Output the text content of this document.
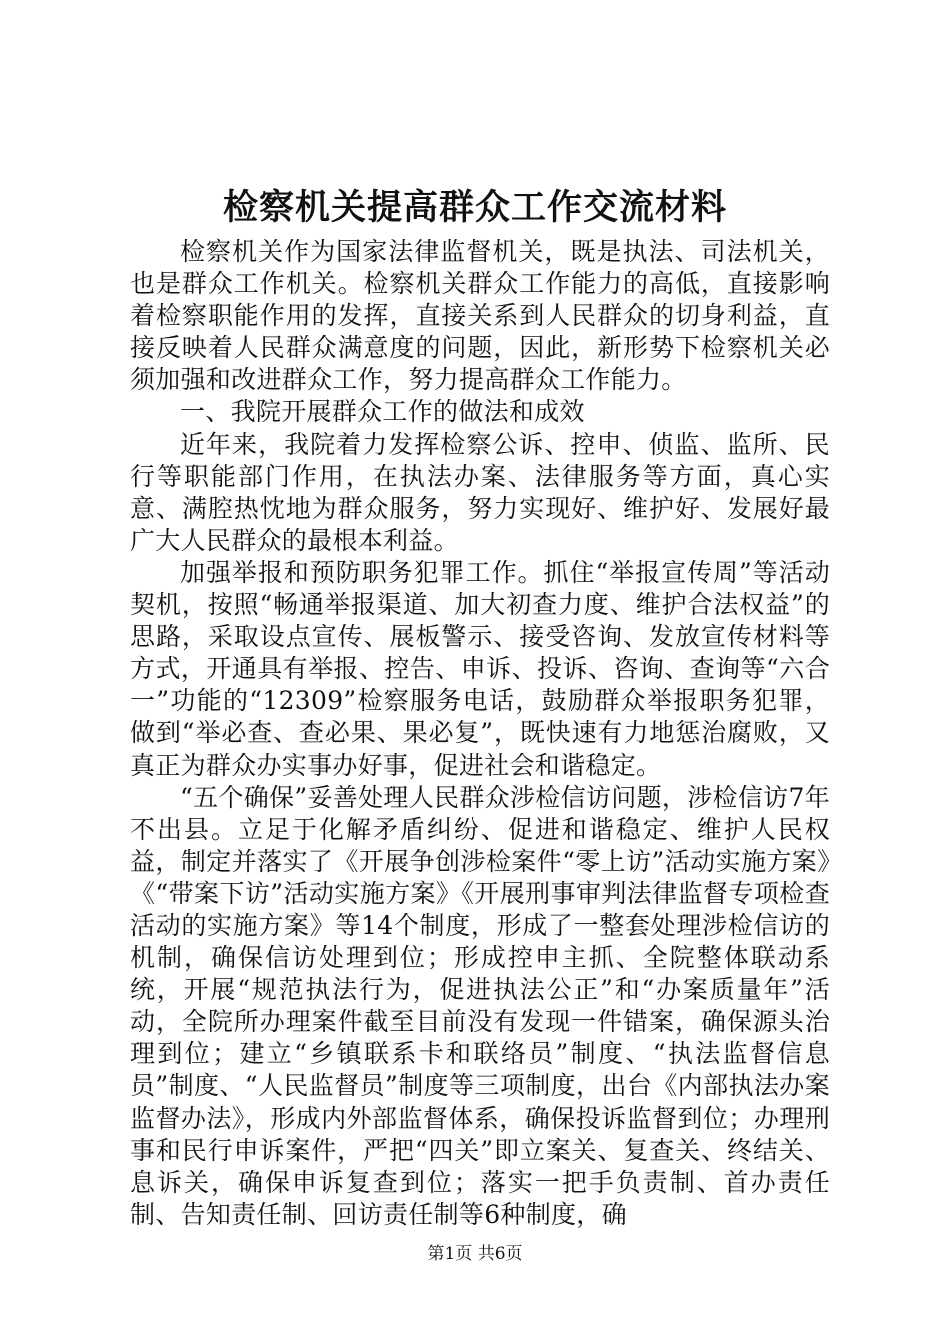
检察机关提高群众工作交流材料

检察机关作为国家法律监督机关，既是执法、司法机关，也是群众工作机关。检察机关群众工作能力的高低，直接影响着检察职能作用的发挥，直接关系到人民群众的切身利益，直接反映着人民群众满意度的问题，因此，新形势下检察机关必须加强和改进群众工作，努力提高群众工作能力。

一、我院开展群众工作的做法和成效

近年来，我院着力发挥检察公诉、控申、侦监、监所、民行等职能部门作用，在执法办案、法律服务等方面，真心实意、满腔热忱地为群众服务，努力实现好、维护好、发展好最广大人民群众的最根本利益。

加强举报和预防职务犯罪工作。抓住“举报宣传周”等活动契机，按照“畅通举报渠道、加大初查力度、维护合法权益”的思路，采取设点宣传、展板警示、接受咨询、发放宣传材料等方式，开通具有举报、控告、申诉、投诉、咨询、查询等“六合一”功能的“12309”检察服务电话，鼓励群众举报职务犯罪，做到“举必查、查必果、果必复”，既快速有力地惩治腐败，又真正为群众办实事办好事，促进社会和谐稳定。

“五个确保”妥善处理人民群众涉检信访问题，涉检信访7年不出县。立足于化解矛盾纠纷、促进和谐稳定、维护人民权益，制定并落实了《开展争创涉检案件“零上访”活动实施方案》《“带案下访”活动实施方案》《开展刑事审判法律监督专项检查活动的实施方案》等14个制度，形成了一整套处理涉检信访的机制，确保信访处理到位；形成控申主抓、全院整体联动系统，开展“规范执法行为，促进执法公正”和“办案质量年”活动，全院所办理案件截至目前没有发现一件错案，确保源头治理到位；建立“乡镇联系卡和联络员”制度、“执法监督信息员”制度、“人民监督员”制度等三项制度，出台《内部执法办案监督办法》，形成内外部监督体系，确保投诉监督到位；办理刑事和民行申诉案件，严把“四关”即立案关、复查关、终结关、息诉关，确保申诉复查到位；落实一把手负责制、首办责任制、告知责任制、回访责任制等6种制度，确

第1页 共6页
